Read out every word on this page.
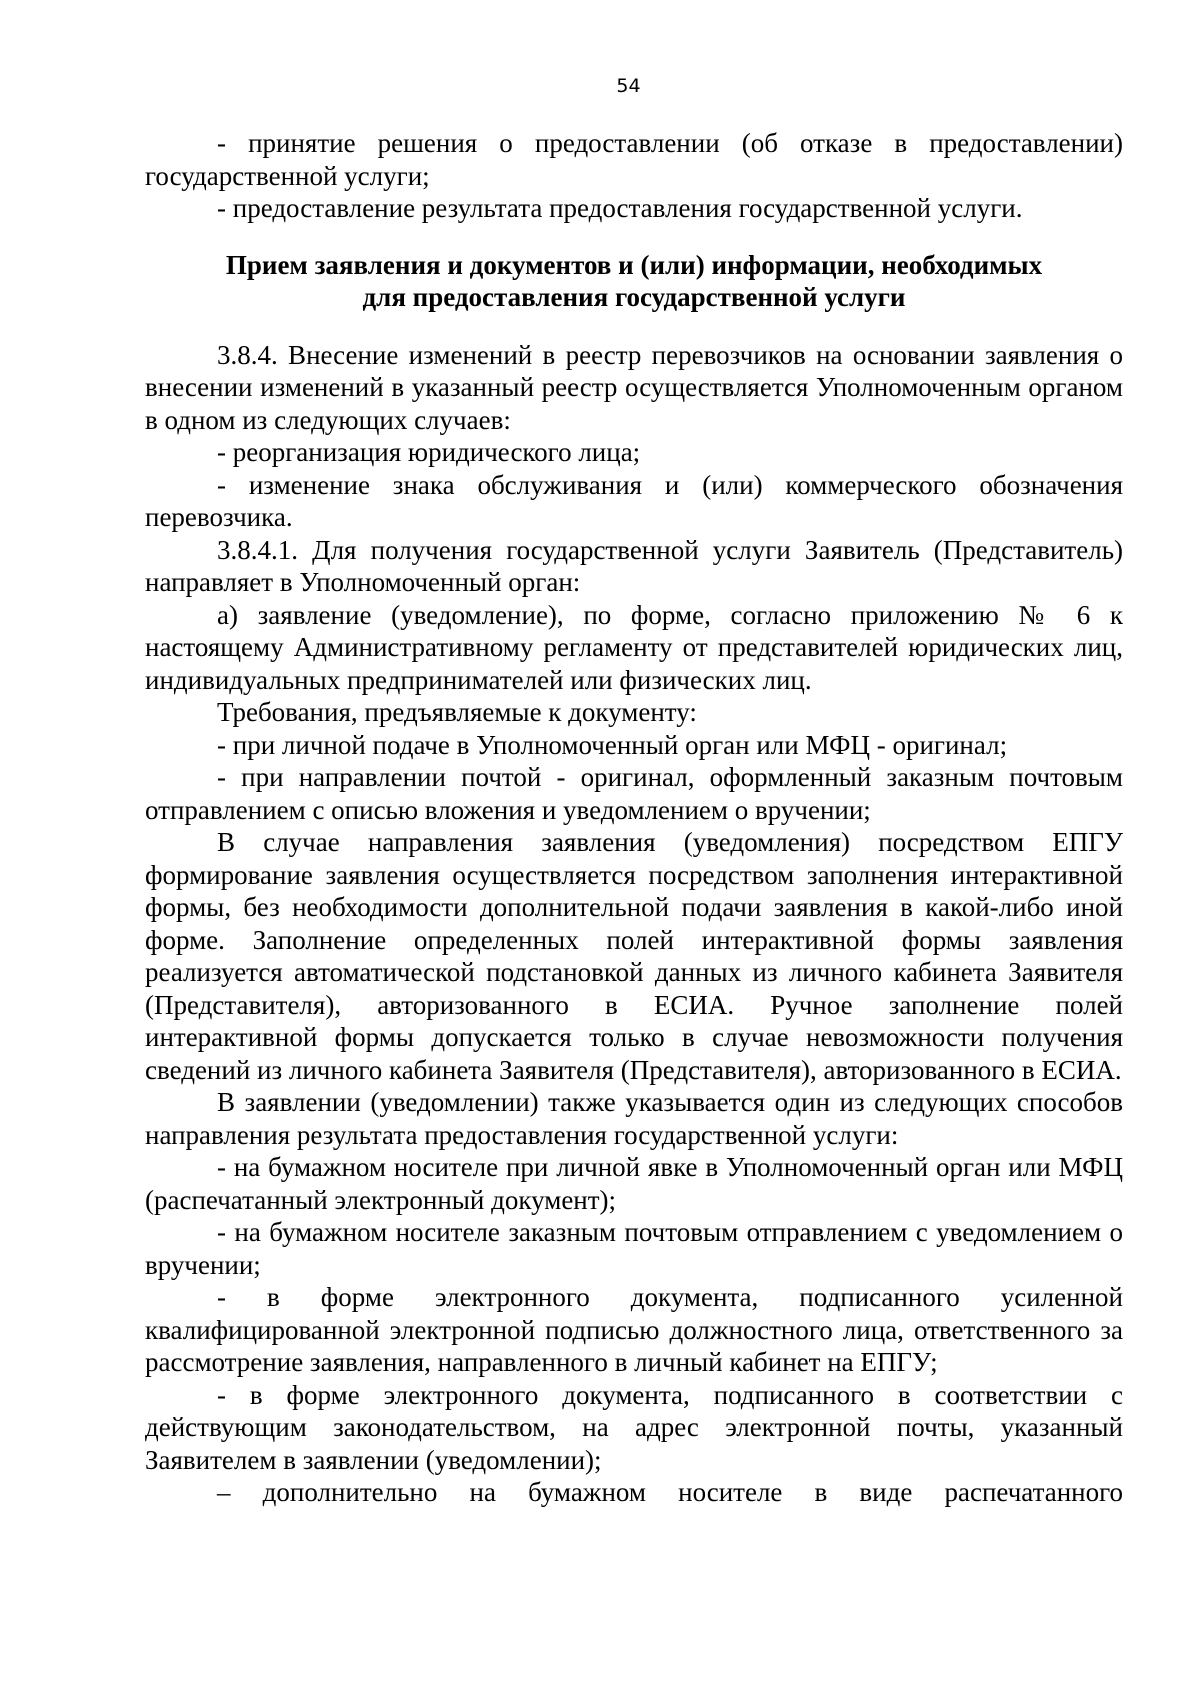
54

- принятие решения о предоставлении (об отказе в предоставлении) государственной услуги;

- предоставление результата предоставления государственной услуги.

Прием заявления и документов и (или) информации, необходимых
для предоставления государственной услуги

3.8.4. Внесение изменений в реестр перевозчиков на основании заявления о внесении изменений в указанный реестр осуществляется Уполномоченным органом в одном из следующих случаев:

- реорганизация юридического лица;

- изменение знака обслуживания и (или) коммерческого обозначения перевозчика.

3.8.4.1. Для получения государственной услуги Заявитель (Представитель) направляет в Уполномоченный орган:

а) заявление (уведомление), по форме, согласно приложению № 6 к настоящему Административному регламенту от представителей юридических лиц, индивидуальных предпринимателей или физических лиц.

Требования, предъявляемые к документу:

- при личной подаче в Уполномоченный орган или МФЦ - оригинал;

- при направлении почтой - оригинал, оформленный заказным почтовым отправлением с описью вложения и уведомлением о вручении;

В случае направления заявления (уведомления) посредством ЕПГУ формирование заявления осуществляется посредством заполнения интерактивной формы, без необходимости дополнительной подачи заявления в какой-либо иной форме. Заполнение определенных полей интерактивной формы заявления реализуется автоматической подстановкой данных из личного кабинета Заявителя (Представителя), авторизованного в ЕСИА. Ручное заполнение полей интерактивной формы допускается только в случае невозможности получения сведений из личного кабинета Заявителя (Представителя), авторизованного в ЕСИА.

В заявлении (уведомлении) также указывается один из следующих способов направления результата предоставления государственной услуги:

- на бумажном носителе при личной явке в Уполномоченный орган или МФЦ (распечатанный электронный документ);

- на бумажном носителе заказным почтовым отправлением с уведомлением о вручении;

- в форме электронного документа, подписанного усиленной квалифицированной электронной подписью должностного лица, ответственного за рассмотрение заявления, направленного в личный кабинет на ЕПГУ;

- в форме электронного документа, подписанного в соответствии с действующим законодательством, на адрес электронной почты, указанный Заявителем в заявлении (уведомлении);

– дополнительно на бумажном носителе в виде распечатанного
